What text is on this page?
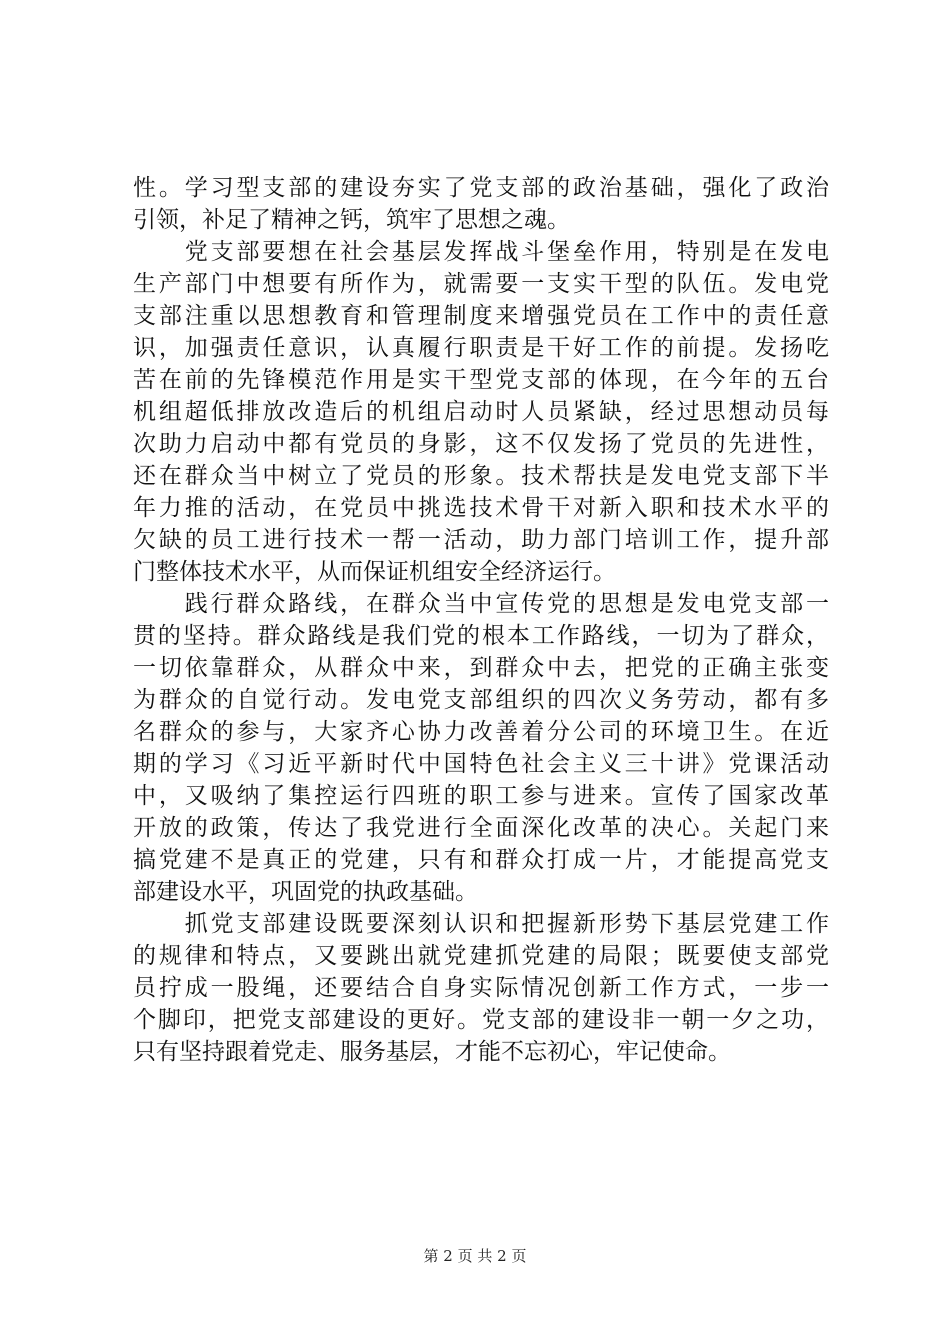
性。学习型支部的建设夯实了党支部的政治基础，强化了政治
引领，补足了精神之钙，筑牢了思想之魂。
　　党支部要想在社会基层发挥战斗堡垒作用，特别是在发电
生产部门中想要有所作为，就需要一支实干型的队伍。发电党
支部注重以思想教育和管理制度来增强党员在工作中的责任意
识，加强责任意识，认真履行职责是干好工作的前提。发扬吃
苦在前的先锋模范作用是实干型党支部的体现，在今年的五台
机组超低排放改造后的机组启动时人员紧缺，经过思想动员每
次助力启动中都有党员的身影，这不仅发扬了党员的先进性，
还在群众当中树立了党员的形象。技术帮扶是发电党支部下半
年力推的活动，在党员中挑选技术骨干对新入职和技术水平的
欠缺的员工进行技术一帮一活动，助力部门培训工作，提升部
门整体技术水平，从而保证机组安全经济运行。
　　践行群众路线，在群众当中宣传党的思想是发电党支部一
贯的坚持。群众路线是我们党的根本工作路线，一切为了群众，
一切依靠群众，从群众中来，到群众中去，把党的正确主张变
为群众的自觉行动。发电党支部组织的四次义务劳动，都有多
名群众的参与，大家齐心协力改善着分公司的环境卫生。在近
期的学习《习近平新时代中国特色社会主义三十讲》党课活动
中，又吸纳了集控运行四班的职工参与进来。宣传了国家改革
开放的政策，传达了我党进行全面深化改革的决心。关起门来
搞党建不是真正的党建，只有和群众打成一片，才能提高党支
部建设水平，巩固党的执政基础。
　　抓党支部建设既要深刻认识和把握新形势下基层党建工作
的规律和特点，又要跳出就党建抓党建的局限；既要使支部党
员拧成一股绳，还要结合自身实际情况创新工作方式，一步一
个脚印，把党支部建设的更好。党支部的建设非一朝一夕之功，
只有坚持跟着党走、服务基层，才能不忘初心，牢记使命。
第 2 页 共 2 页
